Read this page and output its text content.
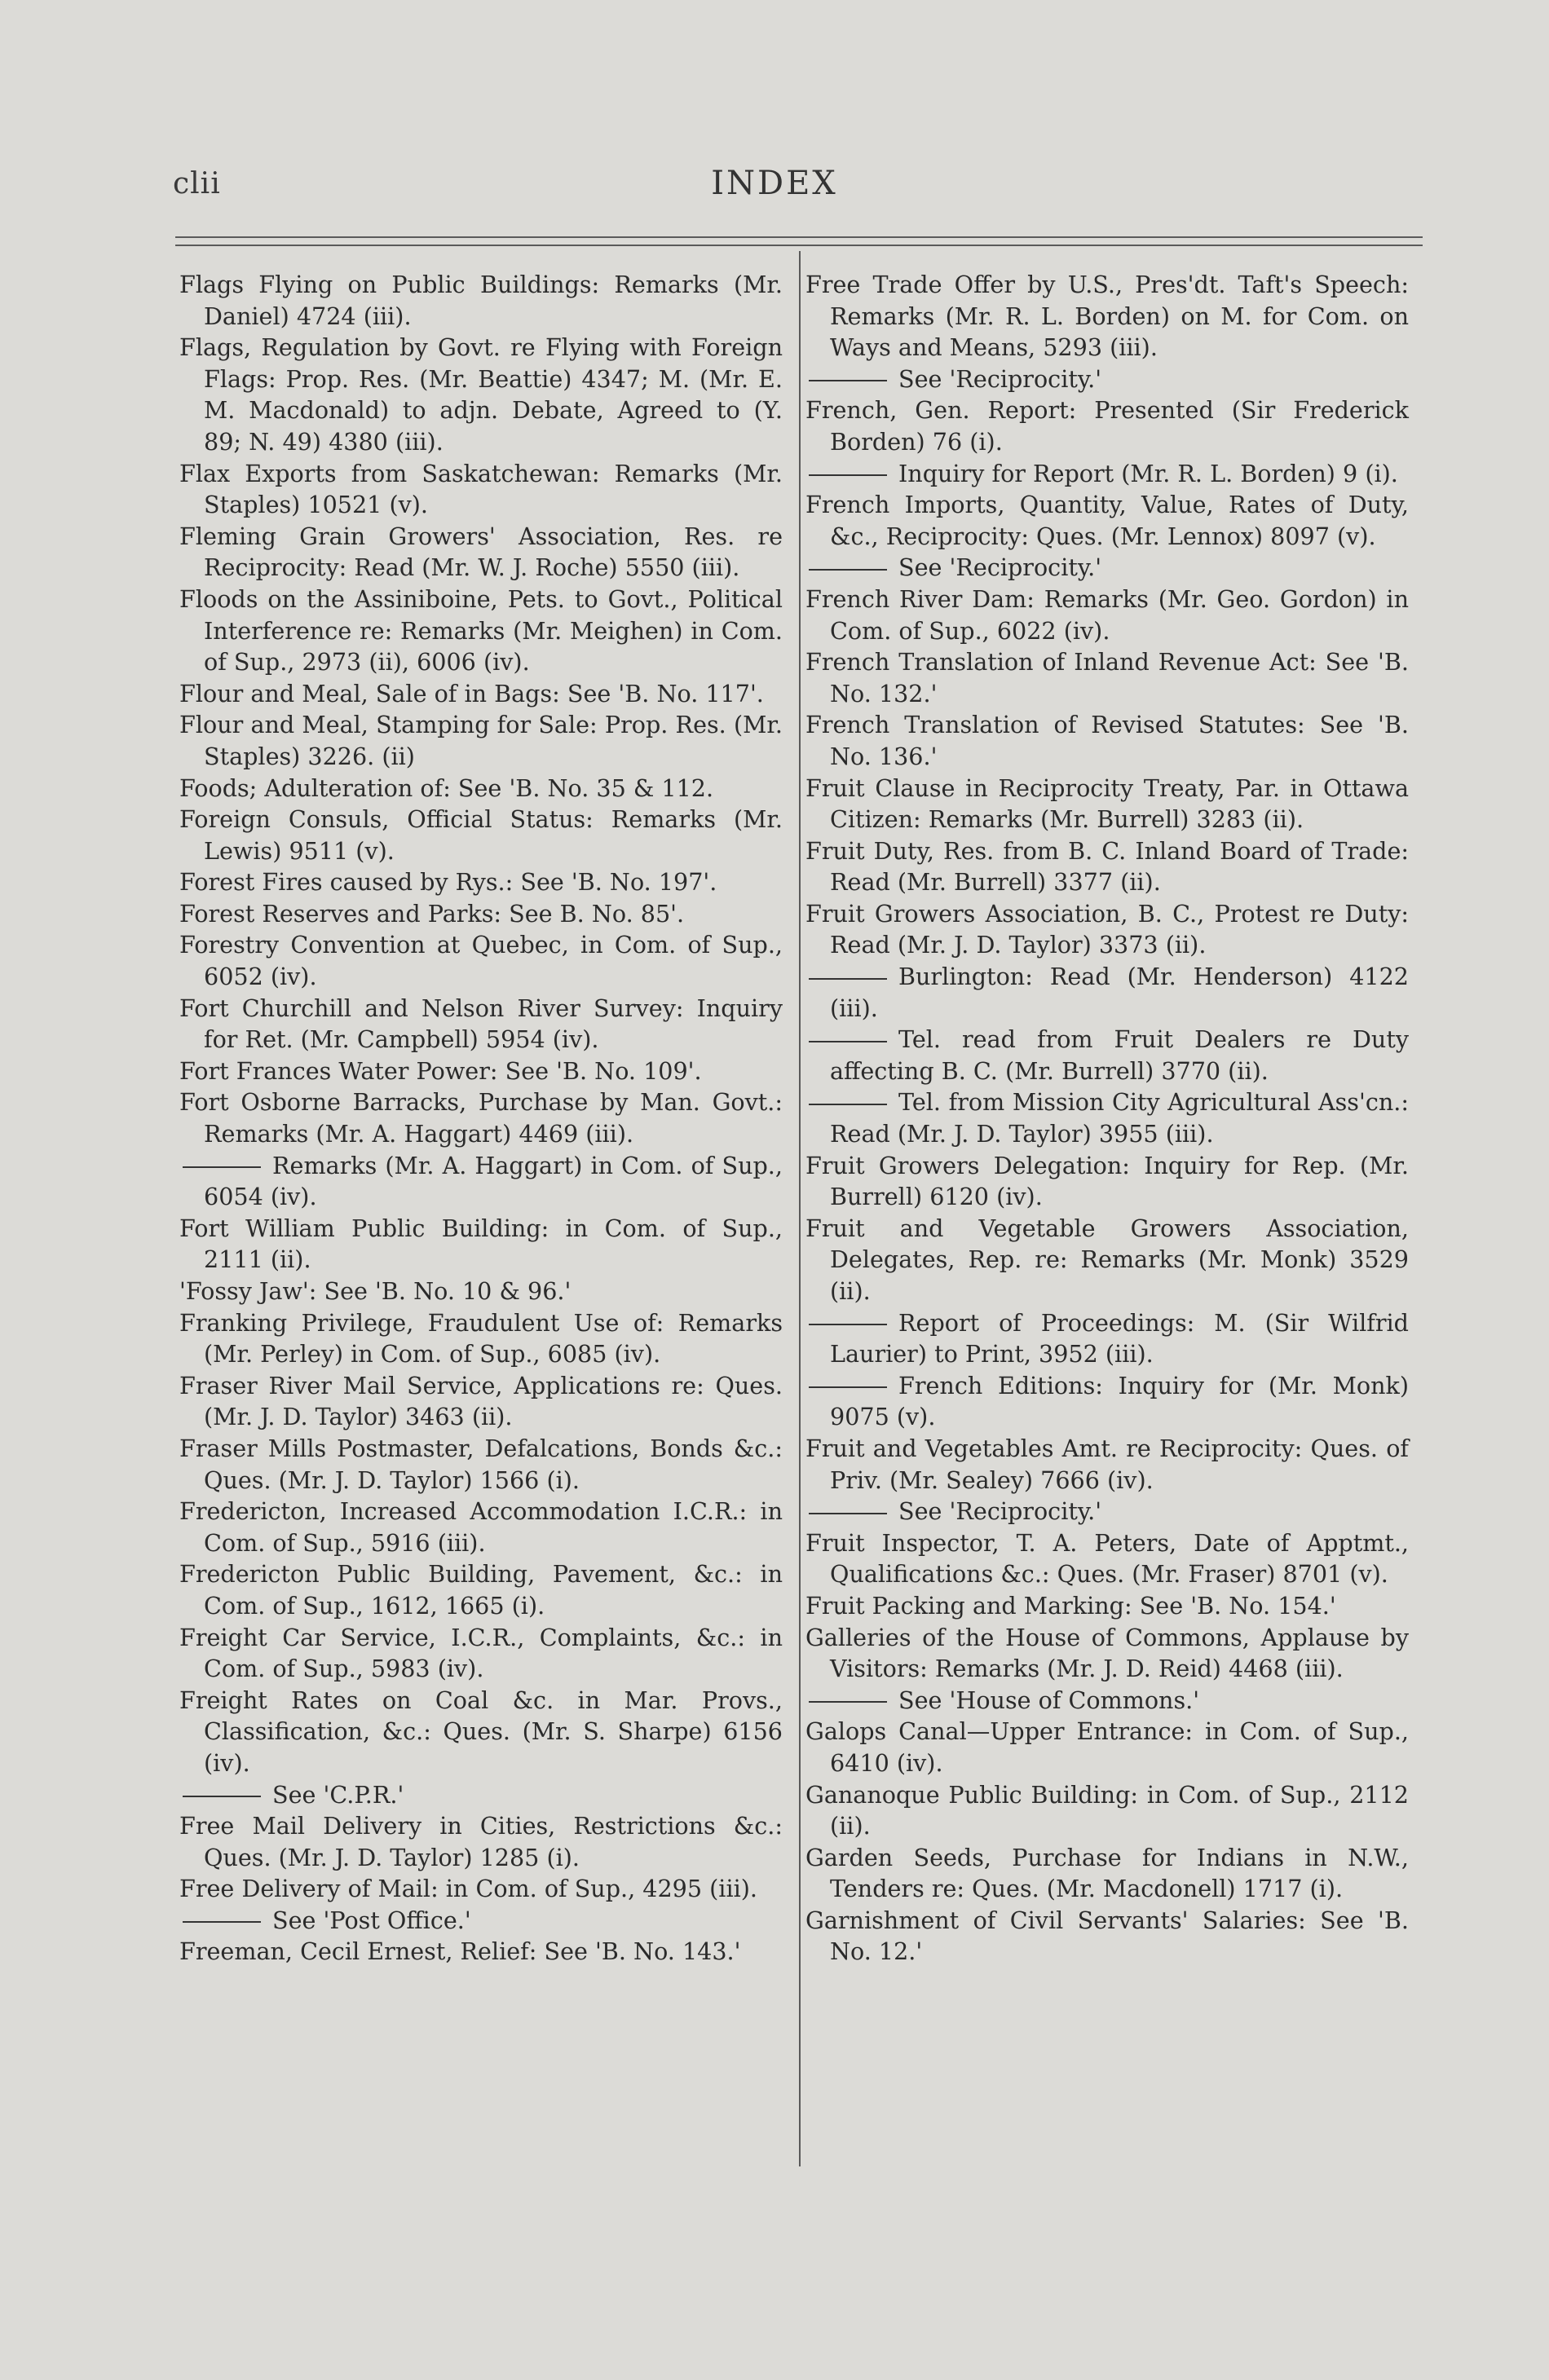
clii	INDEX

Flags Flying on Public Buildings: Remarks (Mr. Daniel) 4724 (iii).

Flags, Regulation by Govt. re Flying with Foreign Flags: Prop. Res. (Mr. Beattie) 4347; M. (Mr. E. M. Macdonald) to adjn. Debate, Agreed to (Y. 89; N. 49) 4380 (iii).

Flax Exports from Saskatchewan: Remarks (Mr. Staples) 10521 (v).

Fleming Grain Growers' Association, Res. re Reciprocity: Read (Mr. W. J. Roche) 5550 (iii).

Floods on the Assiniboine, Pets. to Govt., Political Interference re: Remarks (Mr. Meighen) in Com. of Sup., 2973 (ii), 6006 (iv).

Flour and Meal, Sale of in Bags: See 'B. No. 117'.

Flour and Meal, Stamping for Sale: Prop. Res. (Mr. Staples) 3226. (ii)

Foods; Adulteration of: See 'B. No. 35 & 112.

Foreign Consuls, Official Status: Remarks (Mr. Lewis) 9511 (v).

Forest Fires caused by Rys.: See 'B. No. 197'.

Forest Reserves and Parks: See B. No. 85'.

Forestry Convention at Quebec, in Com. of Sup., 6052 (iv).

Fort Churchill and Nelson River Survey: Inquiry for Ret. (Mr. Campbell) 5954 (iv).

Fort Frances Water Power: See 'B. No. 109'.

Fort Osborne Barracks, Purchase by Man. Govt.: Remarks (Mr. A. Haggart) 4469 (iii).

Remarks (Mr. A. Haggart) in Com. of Sup., 6054 (iv).

Fort William Public Building: in Com. of Sup., 2111 (ii).

'Fossy Jaw': See 'B. No. 10 & 96.'

Franking Privilege, Fraudulent Use of: Remarks (Mr. Perley) in Com. of Sup., 6085 (iv).

Fraser River Mail Service, Applications re: Ques. (Mr. J. D. Taylor) 3463 (ii).

Fraser Mills Postmaster, Defalcations, Bonds &c.: Ques. (Mr. J. D. Taylor) 1566 (i).

Fredericton, Increased Accommodation I.C.R.: in Com. of Sup., 5916 (iii).

Fredericton Public Building, Pavement, &c.: in Com. of Sup., 1612, 1665 (i).

Freight Car Service, I.C.R., Complaints, &c.: in Com. of Sup., 5983 (iv).

Freight Rates on Coal &c. in Mar. Provs., Classification, &c.: Ques. (Mr. S. Sharpe) 6156 (iv).

See 'C.P.R.'

Free Mail Delivery in Cities, Restrictions &c.: Ques. (Mr. J. D. Taylor) 1285 (i).

Free Delivery of Mail: in Com. of Sup., 4295 (iii).

See 'Post Office.'

Freeman, Cecil Ernest, Relief: See 'B. No. 143.'

Free Trade Offer by U.S., Pres'dt. Taft's Speech: Remarks (Mr. R. L. Borden) on M. for Com. on Ways and Means, 5293 (iii).

See 'Reciprocity.'

French, Gen. Report: Presented (Sir Frederick Borden) 76 (i).

Inquiry for Report (Mr. R. L. Borden) 9 (i).

French Imports, Quantity, Value, Rates of Duty, &c., Reciprocity: Ques. (Mr. Lennox) 8097 (v).

See 'Reciprocity.'

French River Dam: Remarks (Mr. Geo. Gordon) in Com. of Sup., 6022 (iv).

French Translation of Inland Revenue Act: See 'B. No. 132.'

French Translation of Revised Statutes: See 'B. No. 136.'

Fruit Clause in Reciprocity Treaty, Par. in Ottawa Citizen: Remarks (Mr. Burrell) 3283 (ii).

Fruit Duty, Res. from B. C. Inland Board of Trade: Read (Mr. Burrell) 3377 (ii).

Fruit Growers Association, B. C., Protest re Duty: Read (Mr. J. D. Taylor) 3373 (ii).

Burlington: Read (Mr. Henderson) 4122 (iii).

Tel. read from Fruit Dealers re Duty affecting B. C. (Mr. Burrell) 3770 (ii).

Tel. from Mission City Agricultural Ass'cn.: Read (Mr. J. D. Taylor) 3955 (iii).

Fruit Growers Delegation: Inquiry for Rep. (Mr. Burrell) 6120 (iv).

Fruit and Vegetable Growers Association, Delegates, Rep. re: Remarks (Mr. Monk) 3529 (ii).

Report of Proceedings: M. (Sir Wilfrid Laurier) to Print, 3952 (iii).

French Editions: Inquiry for (Mr. Monk) 9075 (v).

Fruit and Vegetables Amt. re Reciprocity: Ques. of Priv. (Mr. Sealey) 7666 (iv).

See 'Reciprocity.'

Fruit Inspector, T. A. Peters, Date of Apptmt., Qualifications &c.: Ques. (Mr. Fraser) 8701 (v).

Fruit Packing and Marking: See 'B. No. 154.'

Galleries of the House of Commons, Applause by Visitors: Remarks (Mr. J. D. Reid) 4468 (iii).

See 'House of Commons.'

Galops Canal—Upper Entrance: in Com. of Sup., 6410 (iv).

Gananoque Public Building: in Com. of Sup., 2112 (ii).

Garden Seeds, Purchase for Indians in N.W., Tenders re: Ques. (Mr. Macdonell) 1717 (i).

Garnishment of Civil Servants' Salaries: See 'B. No. 12.'
